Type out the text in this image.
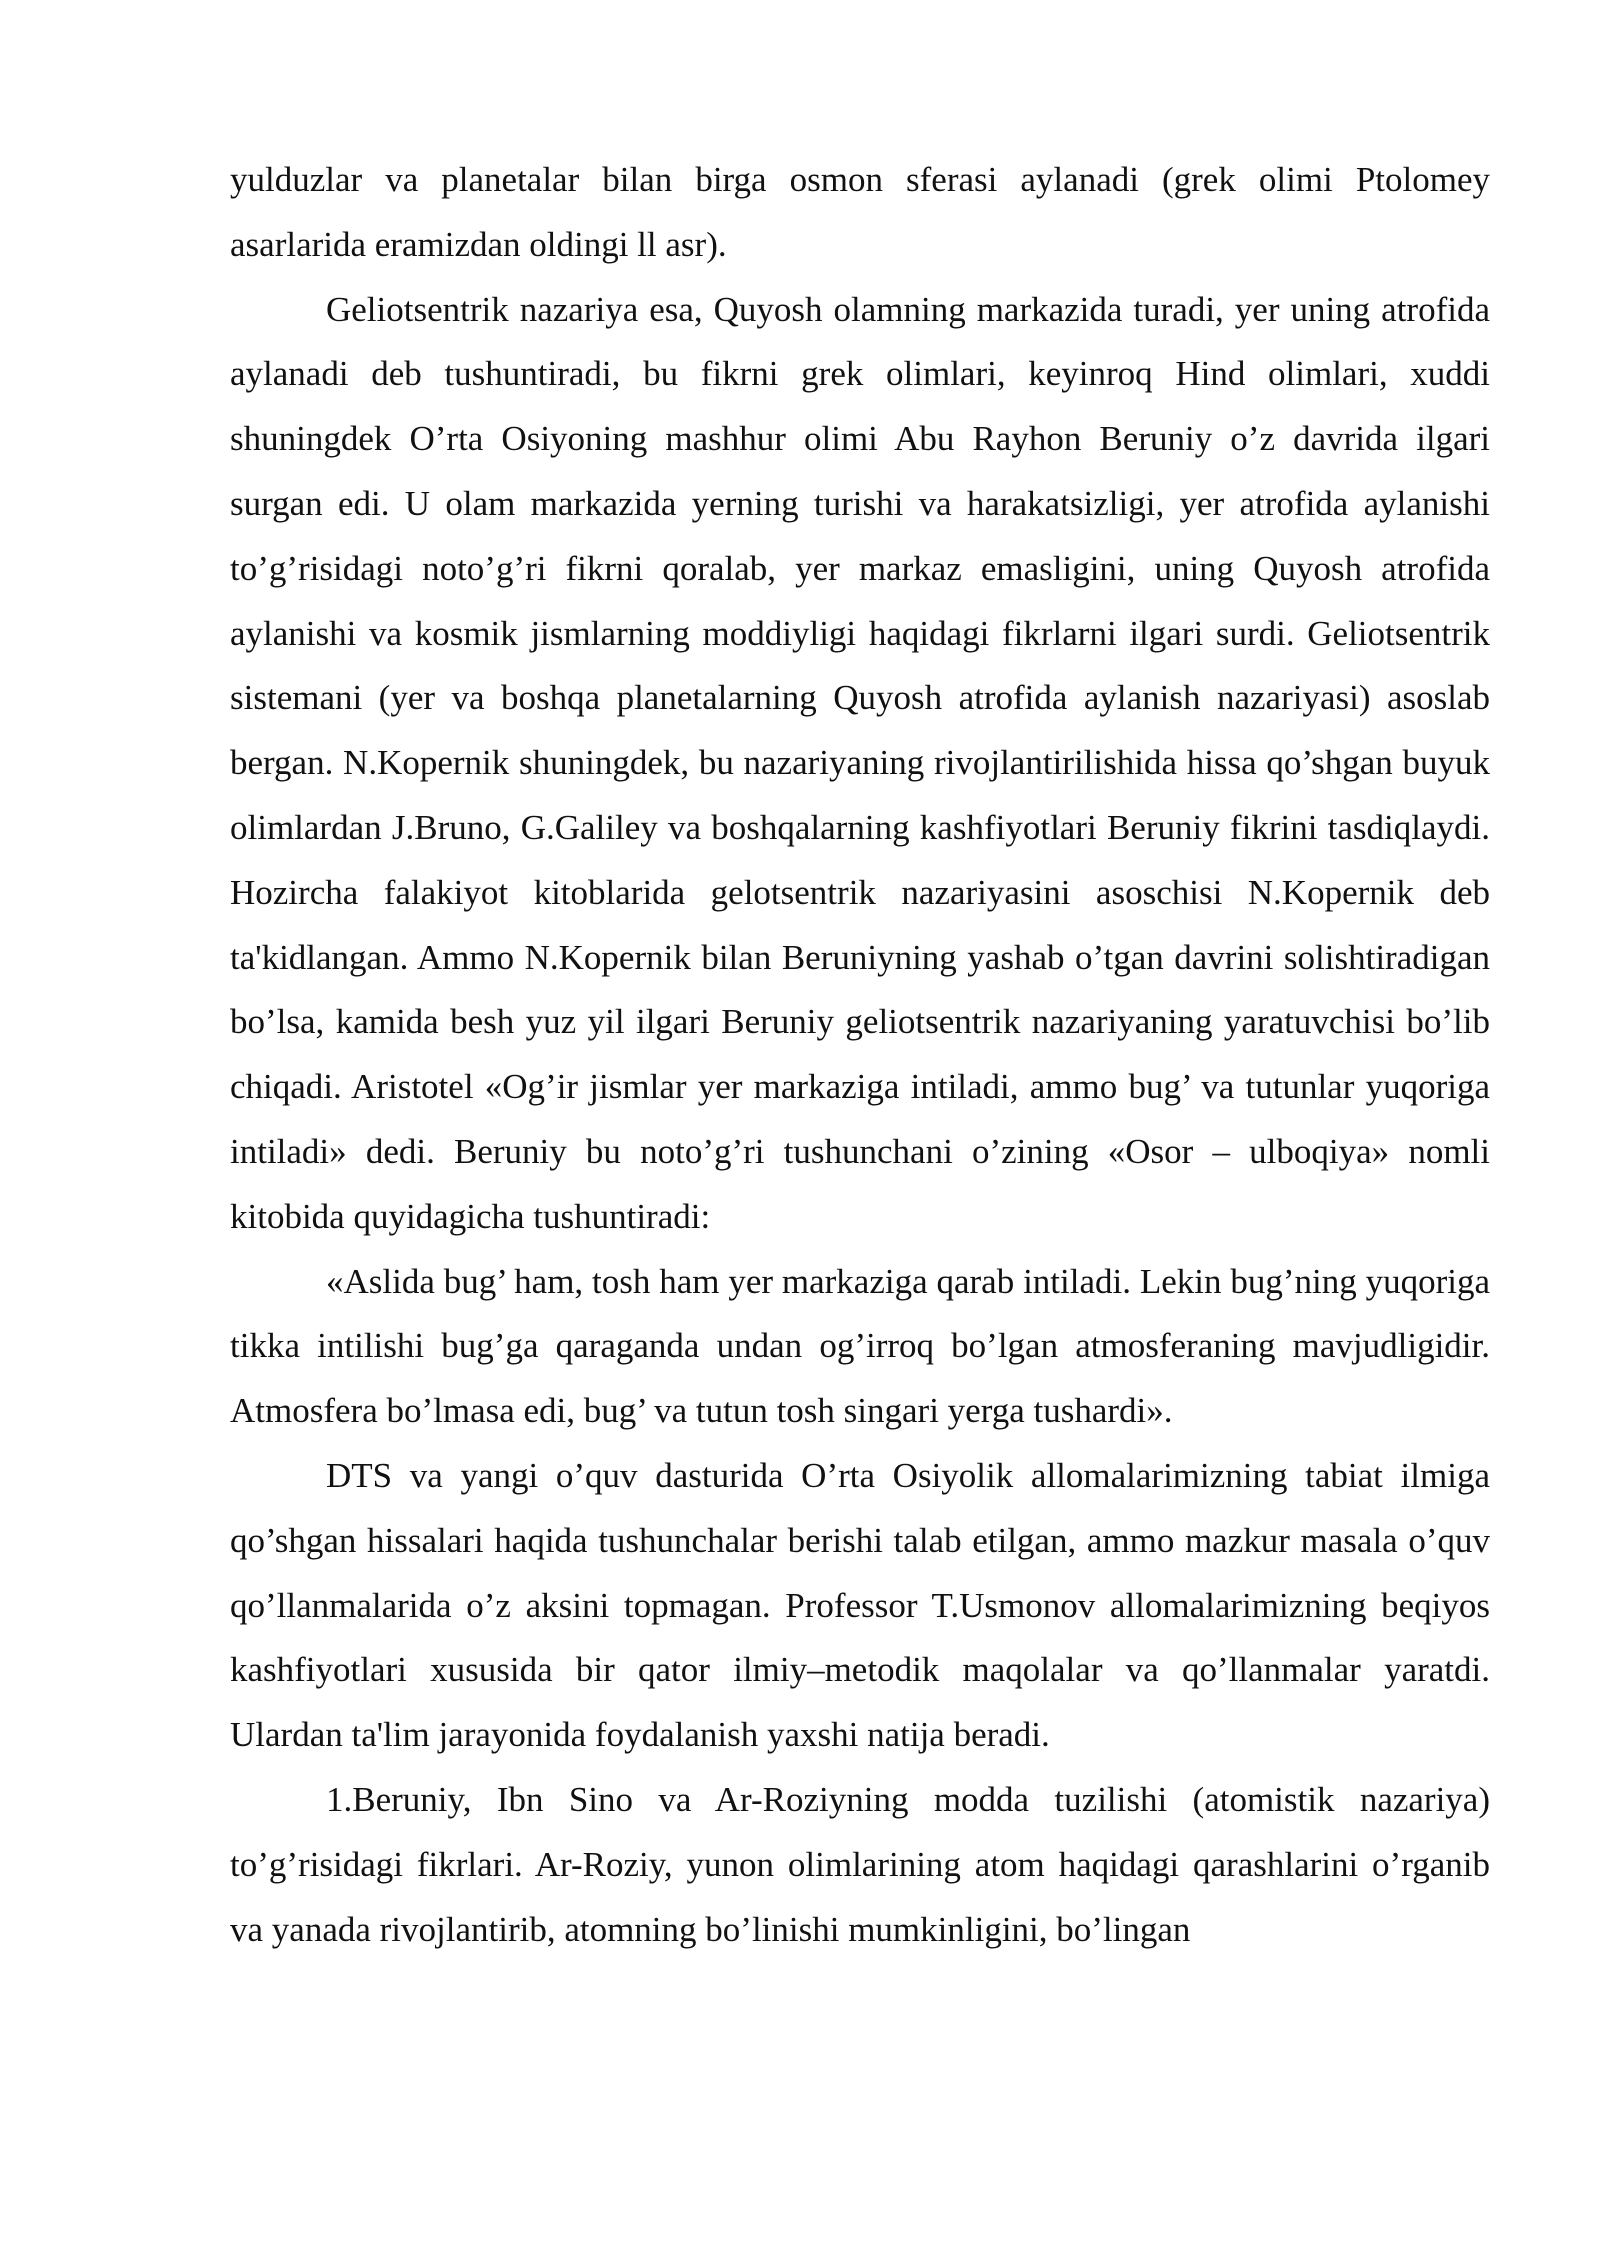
yulduzlar va planetalar bilan birga osmon sferasi aylanadi (grek olimi Ptolomey asarlarida eramizdan oldingi ll asr).

Geliotsentrik nazariya esa, Quyosh olamning markazida turadi, yer uning atrofida aylanadi deb tushuntiradi, bu fikrni grek olimlari, keyinroq Hind olimlari, xuddi shuningdek O’rta Osiyoning mashhur olimi Abu Rayhon Beruniy o’z davrida ilgari surgan edi. U olam markazida yerning turishi va harakatsizligi, yer atrofida aylanishi to’g’risidagi noto’g’ri fikrni qoralab, yer markaz emasligini, uning Quyosh atrofida aylanishi va kosmik jismlarning moddiyligi haqidagi fikrlarni ilgari surdi. Geliotsentrik sistemani (yer va boshqa planetalarning Quyosh atrofida aylanish nazariyasi) asoslab bergan. N.Kopernik shuningdek, bu nazariyaning rivojlantirilishida hissa qo’shgan buyuk olimlardan J.Bruno, G.Galiley va boshqalarning kashfiyotlari Beruniy fikrini tasdiqlaydi. Hozircha falakiyot kitoblarida gelotsentrik nazariyasini asoschisi N.Kopernik deb ta'kidlangan. Ammo N.Kopernik bilan Beruniyning yashab o’tgan davrini solishtiradigan bo’lsa, kamida besh yuz yil ilgari Beruniy geliotsentrik nazariyaning yaratuvchisi bo’lib chiqadi. Aristotel «Og’ir jismlar yer markaziga intiladi, ammo bug’ va tutunlar yuqoriga intiladi» dedi. Beruniy bu noto’g’ri tushunchani o’zining «Osor – ulboqiya» nomli kitobida quyidagicha tushuntiradi:

«Aslida bug’ ham, tosh ham yer markaziga qarab intiladi. Lekin bug’ning yuqoriga tikka intilishi bug’ga qaraganda undan og’irroq bo’lgan atmosferaning mavjudligidir. Atmosfera bo’lmasa edi, bug’ va tutun tosh singari yerga tushardi».

DTS va yangi o’quv dasturida O’rta Osiyolik allomalarimizning tabiat ilmiga qo’shgan hissalari haqida tushunchalar berishi talab etilgan, ammo mazkur masala o’quv qo’llanmalarida o’z aksini topmagan. Professor T.Usmonov allomalarimizning beqiyos kashfiyotlari xususida bir qator ilmiy–metodik maqolalar va qo’llanmalar yaratdi. Ulardan ta'lim jarayonida foydalanish yaxshi natija beradi.

1.Beruniy, Ibn Sino va Ar-Roziyning modda tuzilishi (atomistik nazariya) to’g’risidagi fikrlari. Ar-Roziy, yunon olimlarining atom haqidagi qarashlarini o’rganib va yanada rivojlantirib, atomning bo’linishi mumkinligini, bo’lingan
